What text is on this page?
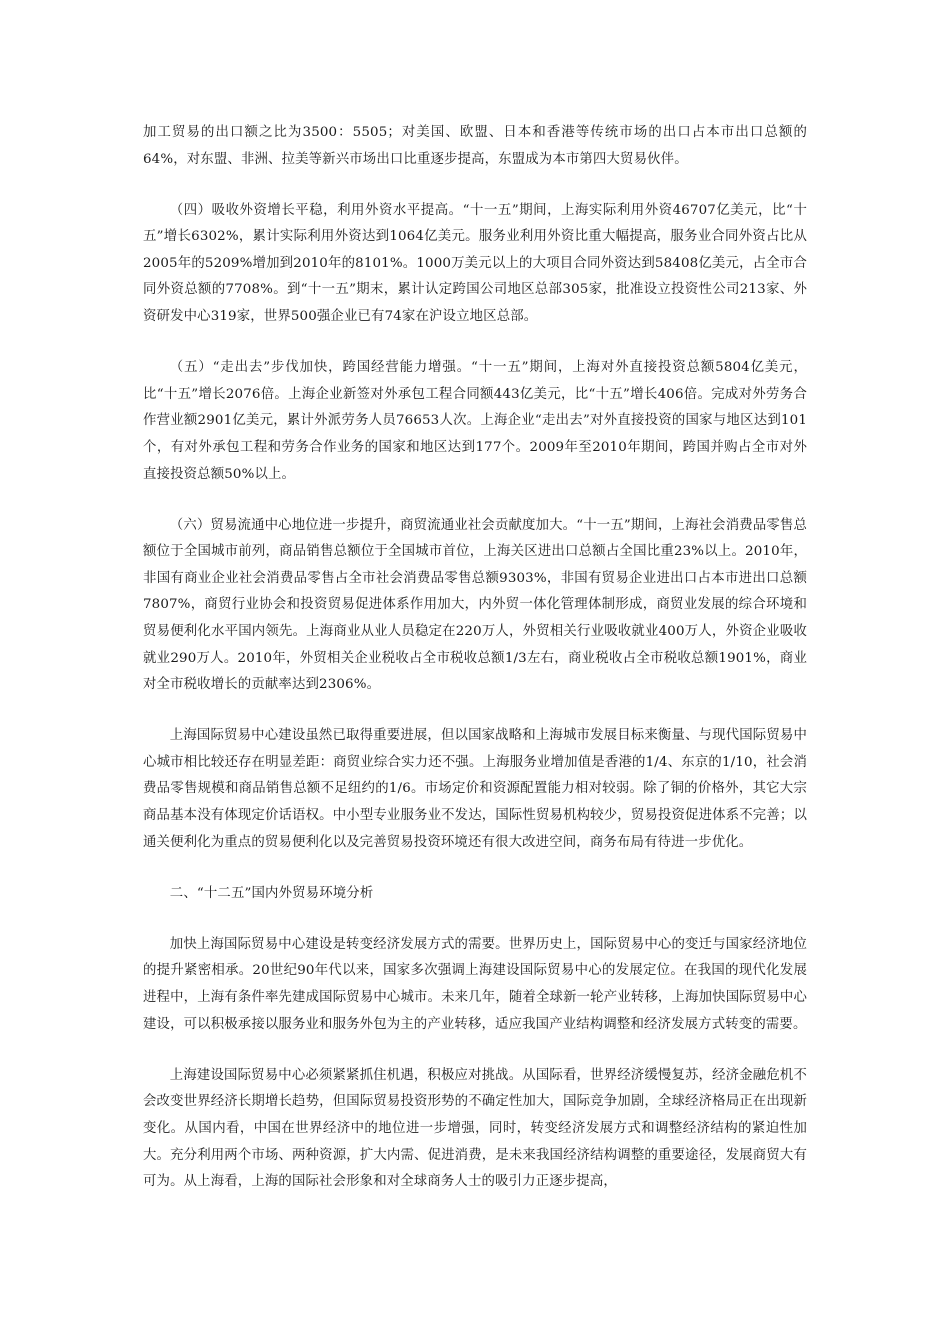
加工贸易的出口额之比为3500：5505；对美国、欧盟、日本和香港等传统市场的出口占本市出口总额的64%，对东盟、非洲、拉美等新兴市场出口比重逐步提高，东盟成为本市第四大贸易伙伴。

（四）吸收外资增长平稳，利用外资水平提高。“十一五”期间，上海实际利用外资46707亿美元，比“十五”增长6302%，累计实际利用外资达到1064亿美元。服务业利用外资比重大幅提高，服务业合同外资占比从2005年的5209%增加到2010年的8101%。1000万美元以上的大项目合同外资达到58408亿美元，占全市合同外资总额的7708%。到“十一五”期末，累计认定跨国公司地区总部305家，批准设立投资性公司213家、外资研发中心319家，世界500强企业已有74家在沪设立地区总部。

（五）“走出去”步伐加快，跨国经营能力增强。“十一五”期间，上海对外直接投资总额5804亿美元，比“十五”增长2076倍。上海企业新签对外承包工程合同额443亿美元，比“十五”增长406倍。完成对外劳务合作营业额2901亿美元，累计外派劳务人员76653人次。上海企业“走出去”对外直接投资的国家与地区达到101个，有对外承包工程和劳务合作业务的国家和地区达到177个。2009年至2010年期间，跨国并购占全市对外直接投资总额50%以上。

（六）贸易流通中心地位进一步提升，商贸流通业社会贡献度加大。“十一五”期间，上海社会消费品零售总额位于全国城市前列，商品销售总额位于全国城市首位，上海关区进出口总额占全国比重23%以上。2010年，非国有商业企业社会消费品零售占全市社会消费品零售总额9303%，非国有贸易企业进出口占本市进出口总额7807%，商贸行业协会和投资贸易促进体系作用加大，内外贸一体化管理体制形成，商贸业发展的综合环境和贸易便利化水平国内领先。上海商业从业人员稳定在220万人，外贸相关行业吸收就业400万人，外资企业吸收就业290万人。2010年，外贸相关企业税收占全市税收总额1/3左右，商业税收占全市税收总额1901%，商业对全市税收增长的贡献率达到2306%。

上海国际贸易中心建设虽然已取得重要进展，但以国家战略和上海城市发展目标来衡量、与现代国际贸易中心城市相比较还存在明显差距：商贸业综合实力还不强。上海服务业增加值是香港的1/4、东京的1/10，社会消费品零售规模和商品销售总额不足纽约的1/6。市场定价和资源配置能力相对较弱。除了铜的价格外，其它大宗商品基本没有体现定价话语权。中小型专业服务业不发达，国际性贸易机构较少，贸易投资促进体系不完善；以通关便利化为重点的贸易便利化以及完善贸易投资环境还有很大改进空间，商务布局有待进一步优化。

二、“十二五”国内外贸易环境分析

加快上海国际贸易中心建设是转变经济发展方式的需要。世界历史上，国际贸易中心的变迁与国家经济地位的提升紧密相承。20世纪90年代以来，国家多次强调上海建设国际贸易中心的发展定位。在我国的现代化发展进程中，上海有条件率先建成国际贸易中心城市。未来几年，随着全球新一轮产业转移，上海加快国际贸易中心建设，可以积极承接以服务业和服务外包为主的产业转移，适应我国产业结构调整和经济发展方式转变的需要。

上海建设国际贸易中心必须紧紧抓住机遇，积极应对挑战。从国际看，世界经济缓慢复苏，经济金融危机不会改变世界经济长期增长趋势，但国际贸易投资形势的不确定性加大，国际竞争加剧，全球经济格局正在出现新变化。从国内看，中国在世界经济中的地位进一步增强，同时，转变经济发展方式和调整经济结构的紧迫性加大。充分利用两个市场、两种资源，扩大内需、促进消费，是未来我国经济结构调整的重要途径，发展商贸大有可为。从上海看，上海的国际社会形象和对全球商务人士的吸引力正逐步提高，
